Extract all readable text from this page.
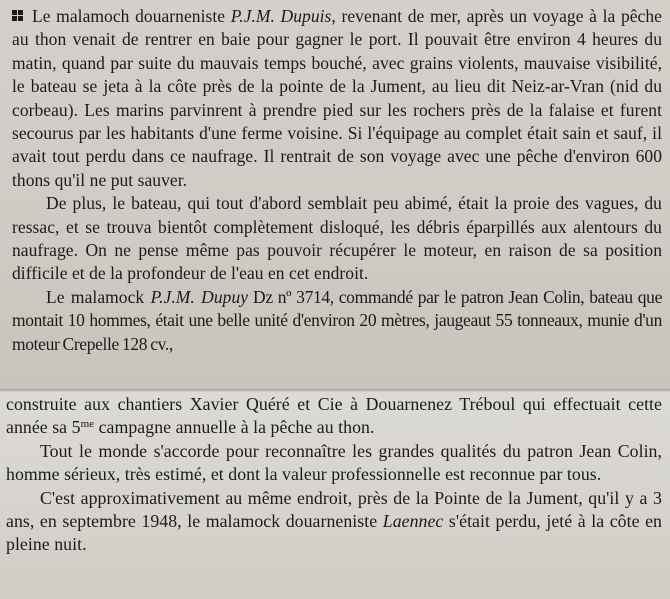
Le malamoch douarneniste P.J.M. Dupuis, revenant de mer, après un voyage à la pêche au thon venait de rentrer en baie pour gagner le port. Il pouvait être environ 4 heures du matin, quand par suite du mauvais temps bouché, avec grains violents, mauvaise visibilité, le bateau se jeta à la côte près de la pointe de la Jument, au lieu dit Neiz-ar-Vran (nid du corbeau). Les marins parvinrent à prendre pied sur les rochers près de la falaise et furent secourus par les habitants d'une ferme voisine. Si l'équipage au complet était sain et sauf, il avait tout perdu dans ce naufrage. Il rentrait de son voyage avec une pêche d'environ 600 thons qu'il ne put sauver.

De plus, le bateau, qui tout d'abord semblait peu abimé, était la proie des vagues, du ressac, et se trouva bientôt complètement disloqué, les débris éparpillés aux alentours du naufrage. On ne pense même pas pouvoir récupérer le moteur, en raison de sa position difficile et de la profondeur de l'eau en cet endroit.

Le malamock P.J.M. Dupuy Dz nº 3714, commandé par le patron Jean Colin, bateau que montait 10 hommes, était une belle unité d'environ 20 mètres, jaugeaut 55 tonneaux, munie d'un moteur Crepelle 128 cv.,

construite aux chantiers Xavier Quéré et Cie à Douarnenez Tréboul qui effectuait cette année sa $5^{me}$ campagne annuelle à la pêche au thon.

Tout le monde s'accorde pour reconnaître les grandes qualités du patron Jean Colin, homme sérieux, très estimé, et dont la valeur professionnelle est reconnue par tous.

C'est approximativement au même endroit, près de la Pointe de la Jument, qu'il y a 3 ans, en septembre 1948, le malamock douarneniste Laennec s'était perdu, jeté à la côte en pleine nuit.
